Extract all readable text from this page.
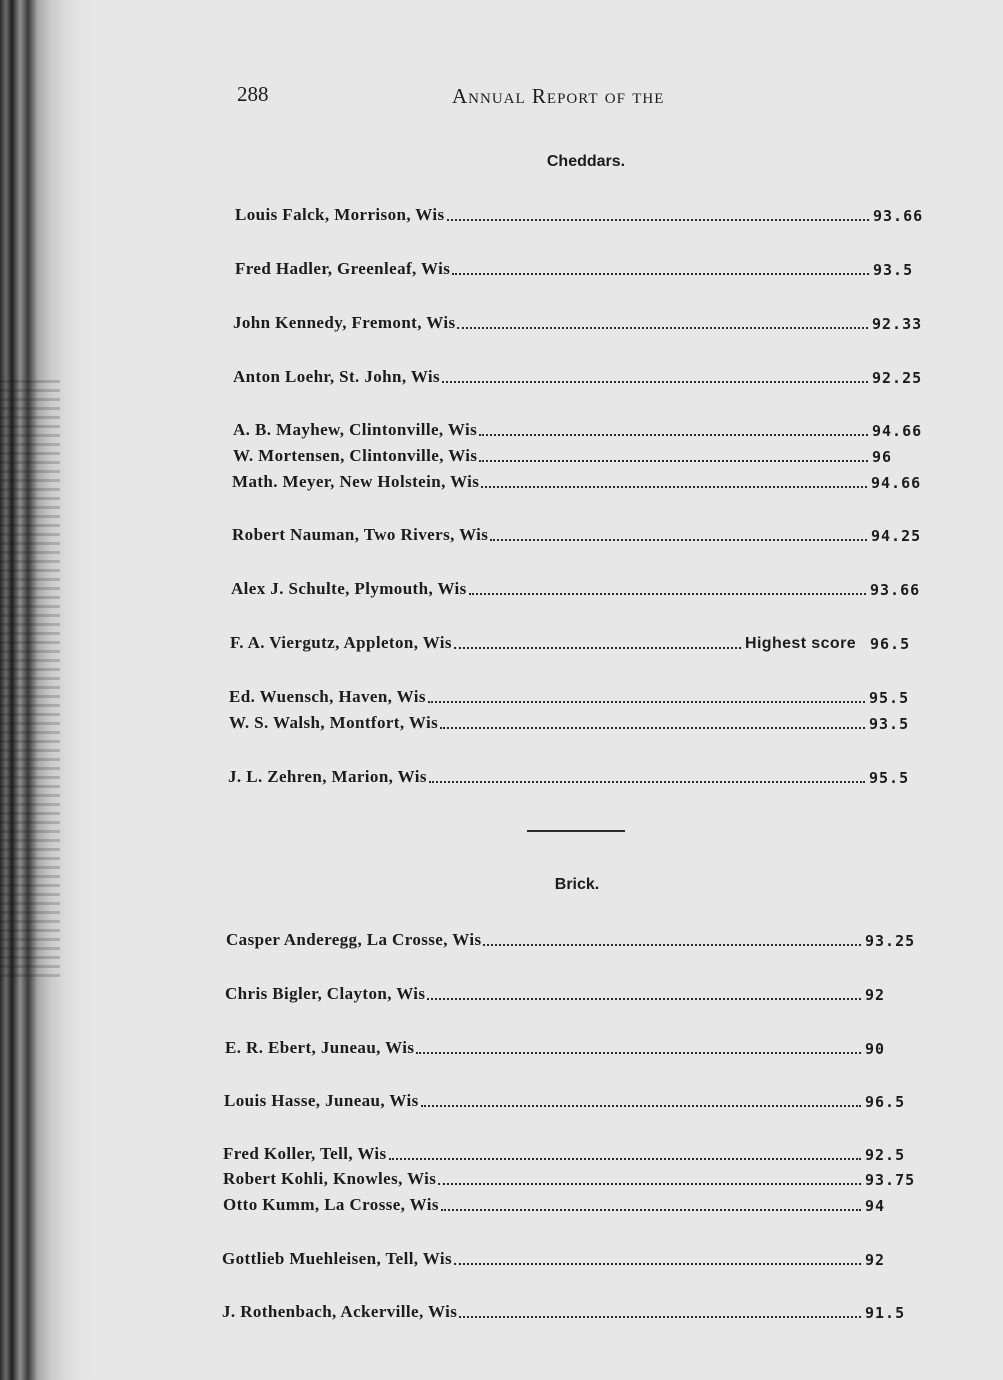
288	Annual Report of the
Cheddars.
Louis Falck, Morrison, Wis	93.66
Fred Hadler, Greenleaf, Wis	93.5
John Kennedy, Fremont, Wis	92.33
Anton Loehr, St. John, Wis	92.25
A. B. Mayhew, Clintonville, Wis	94.66
W. Mortensen, Clintonville, Wis	96
Math. Meyer, New Holstein, Wis	94.66
Robert Nauman, Two Rivers, Wis	94.25
Alex J. Schulte, Plymouth, Wis	93.66
F. A. Viergutz, Appleton, Wis	Highest score 96.5
Ed. Wuensch, Haven, Wis	95.5
W. S. Walsh, Montfort, Wis	93.5
J. L. Zehren, Marion, Wis	95.5
Brick.
Casper Anderegg, La Crosse, Wis	93.25
Chris Bigler, Clayton, Wis	92
E. R. Ebert, Juneau, Wis	90
Louis Hasse, Juneau, Wis	96.5
Fred Koller, Tell, Wis	92.5
Robert Kohli, Knowles, Wis	93.75
Otto Kumm, La Crosse, Wis	94
Gottlieb Muehleisen, Tell, Wis	92
J. Rothenbach, Ackerville, Wis	91.5
